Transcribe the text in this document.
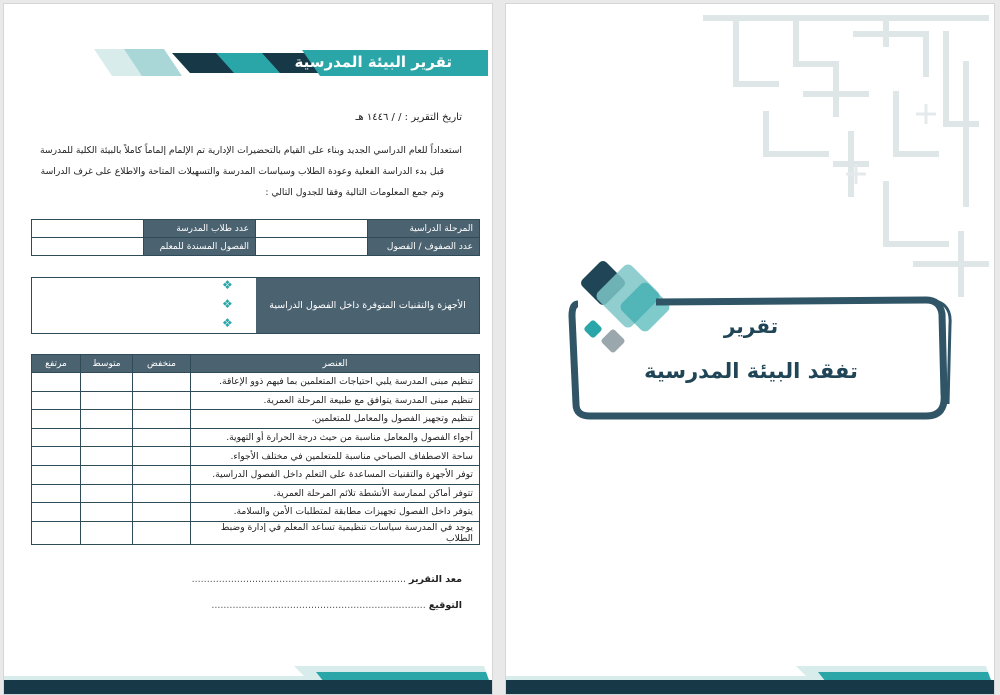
تقرير البيئة المدرسية
تاريخ التقرير : / / ١٤٤٦ هـ

استعداداً للعام الدراسي الجديد وبناء على القيام بالتحضيرات الإدارية تم الإلمام إلماماً كاملاً بالبيئة الكلية للمدرسة

قبل بدء الدراسة الفعلية وعودة الطلاب وسياسات المدرسة والتسهيلات المتاحة والاطلاع على غرف الدراسة

وتم جمع المعلومات التالية وفقا للجدول التالي :

المرحلة الدراسية		عدد طلاب المدرسة	
عدد الصفوف / الفصول		الفصول المسندة للمعلم	
الأجهزة والتقنيات المتوفرة داخل الفصول الدراسية
❖
❖
❖
العنصر	منخفض	متوسط	مرتفع
تنظيم مبنى المدرسة يلبي احتياجات المتعلمين بما فيهم ذوو الإعاقة.			
تنظيم مبنى المدرسة يتوافق مع طبيعة المرحلة العمرية.			
تنظيم وتجهيز الفصول والمعامل للمتعلمين.			
أجواء الفصول والمعامل مناسبة من حيث درجة الحرارة أو التهوية.			
ساحة الاصطفاف الصباحي مناسبة للمتعلمين في مختلف الأجواء.			
توفر الأجهزة والتقنيات المساعدة على التعلم داخل الفصول الدراسية.			
تتوفر أماكن لممارسة الأنشطة تلائم المرحلة العمرية.			
يتوفر داخل الفصول تجهيزات مطابقة لمتطلبات الأمن والسلامة.			
يوجد في المدرسة سياسات تنظيمية تساعد المعلم في إدارة وضبط الطلاب			
معد التقرير .......................................................................
التوقيع .......................................................................
تقرير
تفقد البيئة المدرسية
